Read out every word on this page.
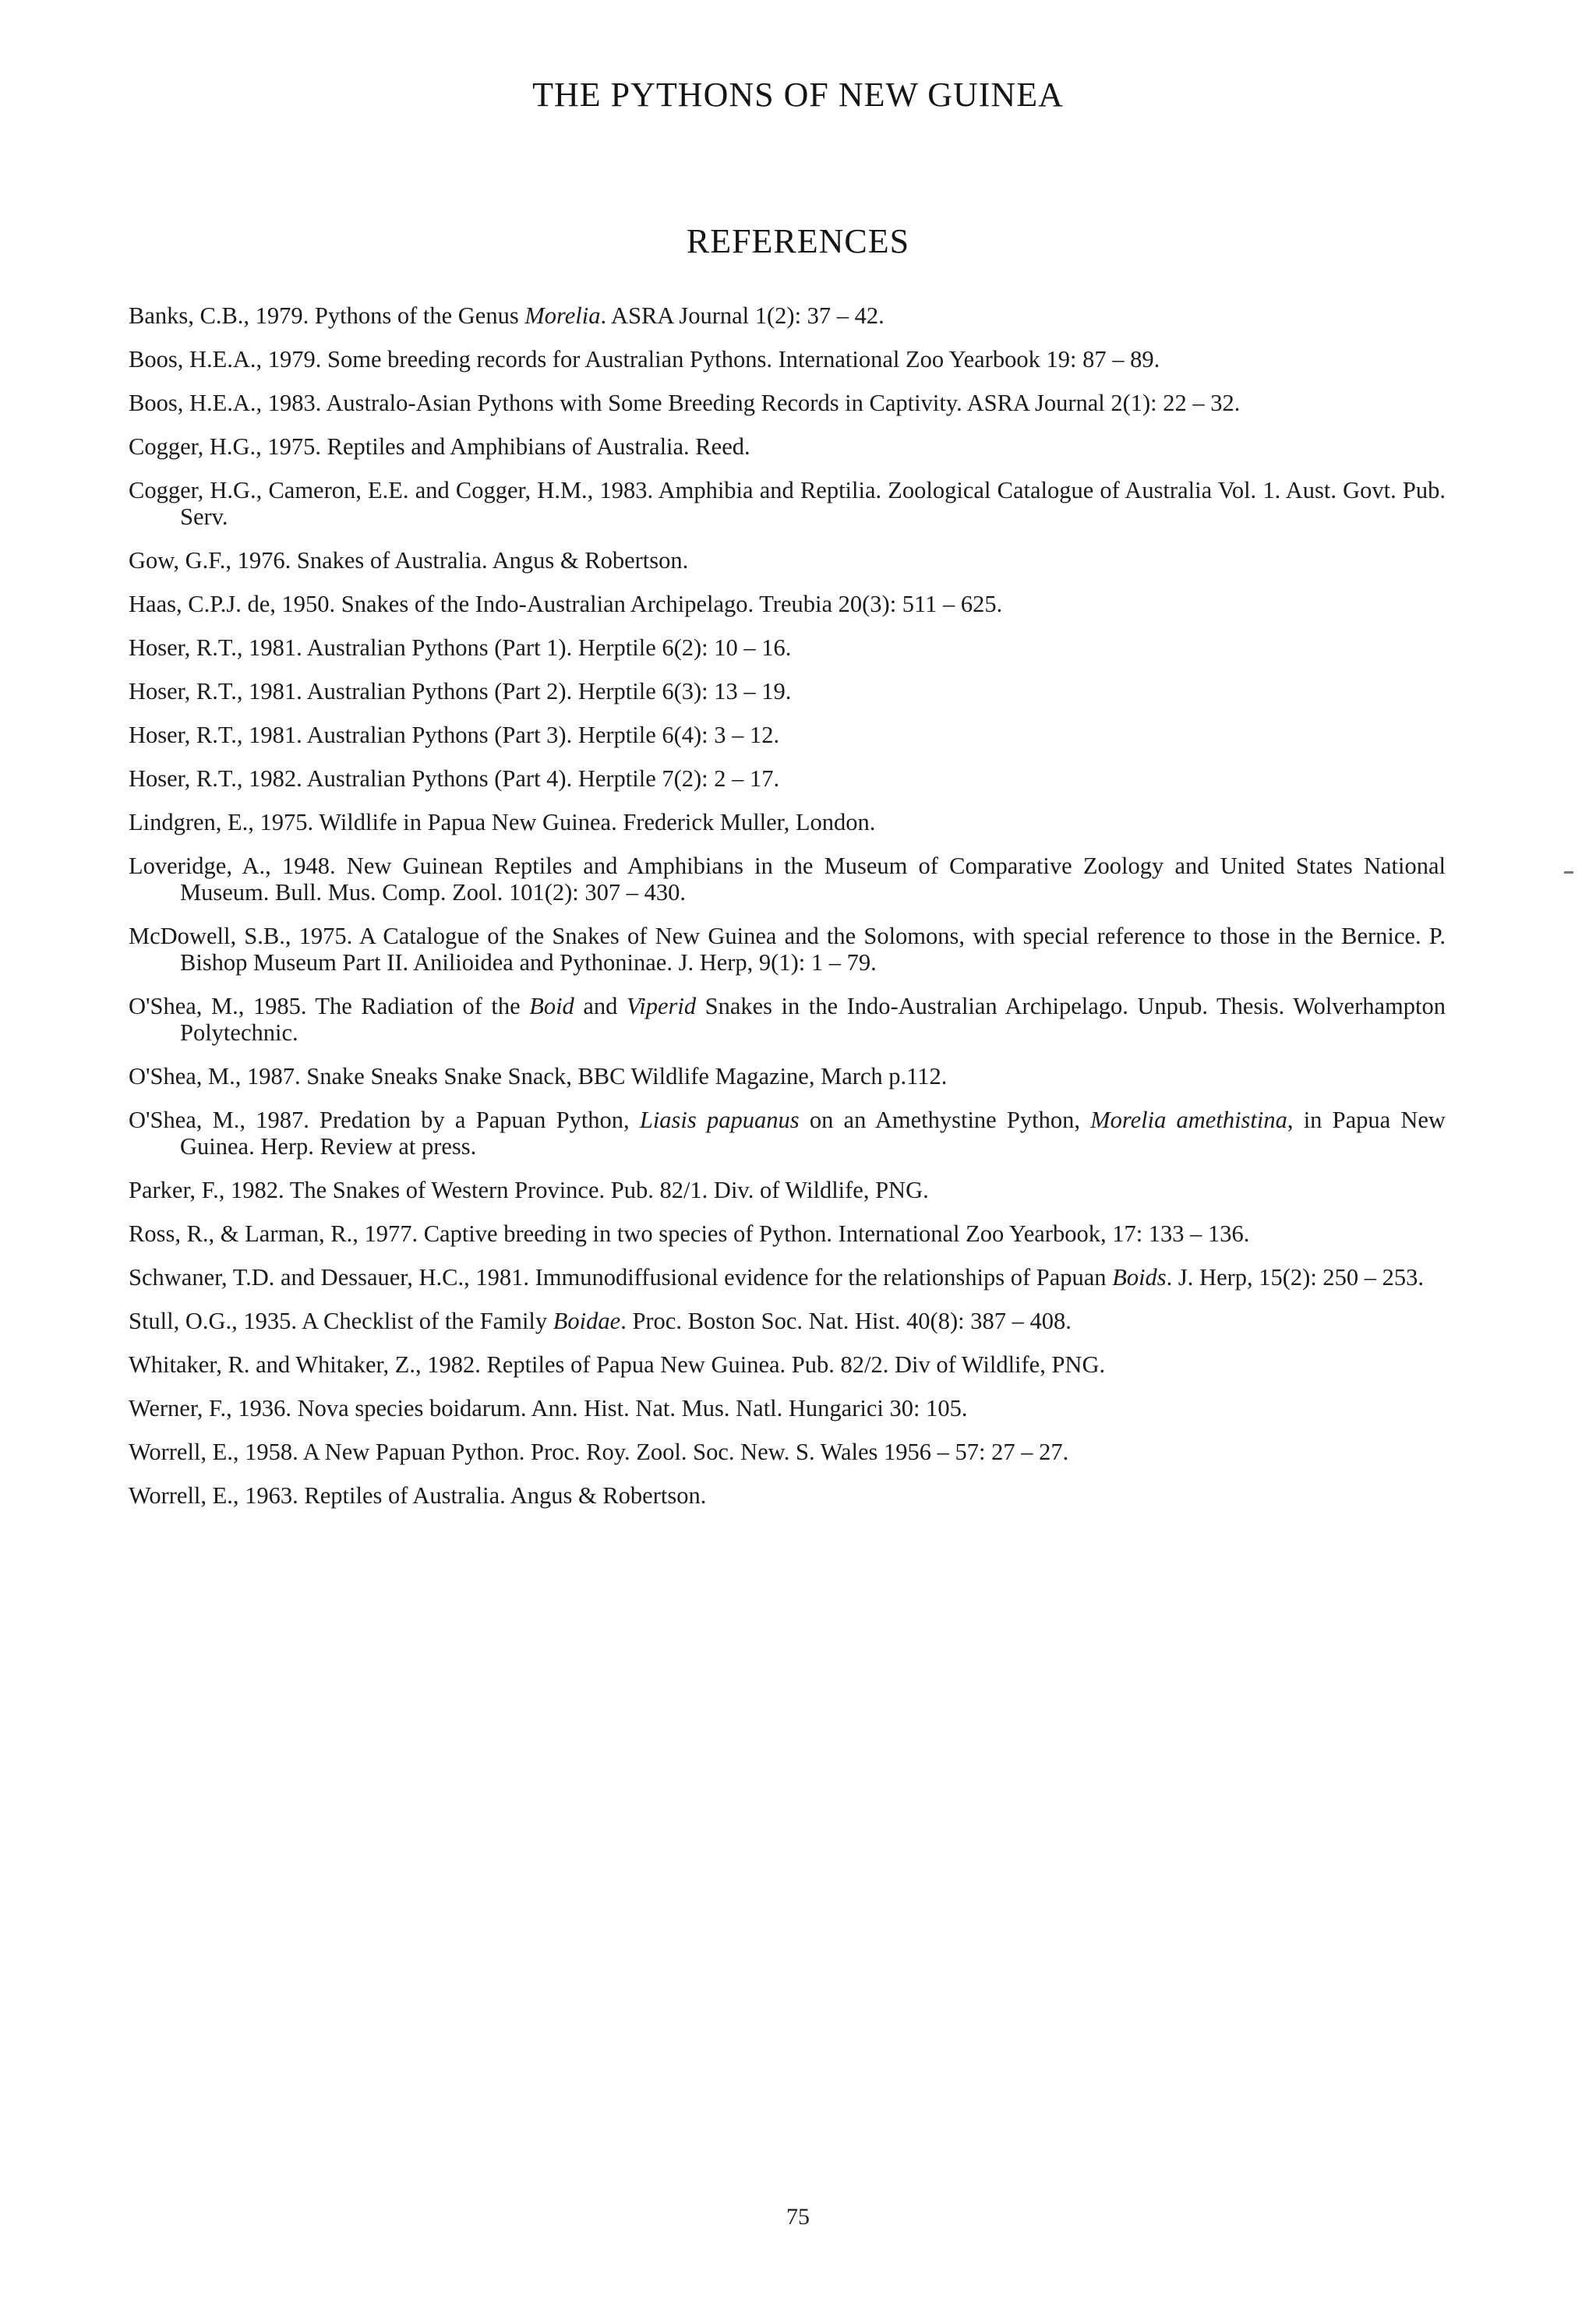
THE PYTHONS OF NEW GUINEA
REFERENCES
Banks, C.B., 1979. Pythons of the Genus Morelia. ASRA Journal 1(2): 37 – 42.
Boos, H.E.A., 1979. Some breeding records for Australian Pythons. International Zoo Yearbook 19: 87 – 89.
Boos, H.E.A., 1983. Australo-Asian Pythons with Some Breeding Records in Captivity. ASRA Journal 2(1): 22 – 32.
Cogger, H.G., 1975. Reptiles and Amphibians of Australia. Reed.
Cogger, H.G., Cameron, E.E. and Cogger, H.M., 1983. Amphibia and Reptilia. Zoological Catalogue of Australia Vol. 1. Aust. Govt. Pub. Serv.
Gow, G.F., 1976. Snakes of Australia. Angus & Robertson.
Haas, C.P.J. de, 1950. Snakes of the Indo-Australian Archipelago. Treubia 20(3): 511 – 625.
Hoser, R.T., 1981. Australian Pythons (Part 1). Herptile 6(2): 10 – 16.
Hoser, R.T., 1981. Australian Pythons (Part 2). Herptile 6(3): 13 – 19.
Hoser, R.T., 1981. Australian Pythons (Part 3). Herptile 6(4): 3 – 12.
Hoser, R.T., 1982. Australian Pythons (Part 4). Herptile 7(2): 2 – 17.
Lindgren, E., 1975. Wildlife in Papua New Guinea. Frederick Muller, London.
Loveridge, A., 1948. New Guinean Reptiles and Amphibians in the Museum of Comparative Zoology and United States National Museum. Bull. Mus. Comp. Zool. 101(2): 307 – 430.
McDowell, S.B., 1975. A Catalogue of the Snakes of New Guinea and the Solomons, with special reference to those in the Bernice. P. Bishop Museum Part II. Anilioidea and Pythoninae. J. Herp, 9(1): 1 – 79.
O'Shea, M., 1985. The Radiation of the Boid and Viperid Snakes in the Indo-Australian Archipelago. Unpub. Thesis. Wolverhampton Polytechnic.
O'Shea, M., 1987. Snake Sneaks Snake Snack, BBC Wildlife Magazine, March p.112.
O'Shea, M., 1987. Predation by a Papuan Python, Liasis papuanus on an Amethystine Python, Morelia amethistina, in Papua New Guinea. Herp. Review at press.
Parker, F., 1982. The Snakes of Western Province. Pub. 82/1. Div. of Wildlife, PNG.
Ross, R., & Larman, R., 1977. Captive breeding in two species of Python. International Zoo Yearbook, 17: 133 – 136.
Schwaner, T.D. and Dessauer, H.C., 1981. Immunodiffusional evidence for the relationships of Papuan Boids. J. Herp, 15(2): 250 – 253.
Stull, O.G., 1935. A Checklist of the Family Boidae. Proc. Boston Soc. Nat. Hist. 40(8): 387 – 408.
Whitaker, R. and Whitaker, Z., 1982. Reptiles of Papua New Guinea. Pub. 82/2. Div of Wildlife, PNG.
Werner, F., 1936. Nova species boidarum. Ann. Hist. Nat. Mus. Natl. Hungarici 30: 105.
Worrell, E., 1958. A New Papuan Python. Proc. Roy. Zool. Soc. New. S. Wales 1956 – 57: 27 – 27.
Worrell, E., 1963. Reptiles of Australia. Angus & Robertson.
75
